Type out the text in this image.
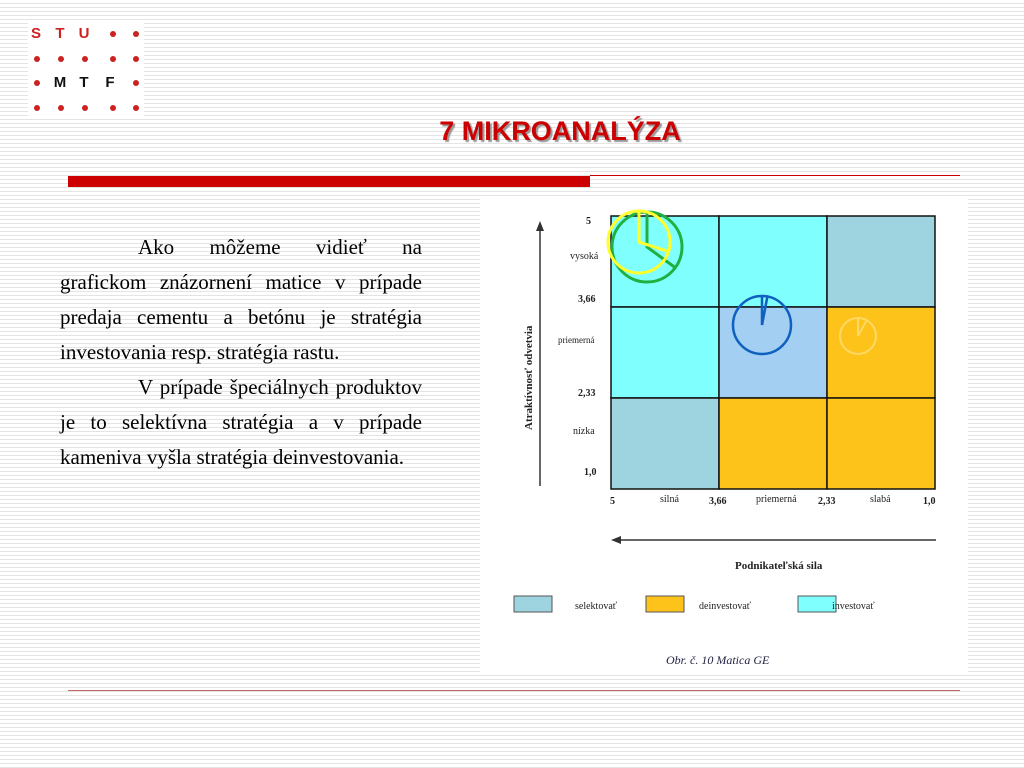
S T U
M T	F
7 MIKROANALÝZA

Ako môžeme vidieť na grafickom znázornení matice v prípade predaja cementu a betónu je stratégia investovania resp. stratégia rastu.

V prípade špeciálnych produktov je to selektívna stratégia a v prípade kameniva vyšla stratégia deinvestovania.

5
vysoká
3,66
priemerná
2,33
nízka
1,0
5	silná	3,66	priemerná 2,33	slabá	1,0
Atraktívnosť odvetvia
Podnikateľská sila
selektovať	deinvestovať	investovať
Obr. č. 10 Matica GE
